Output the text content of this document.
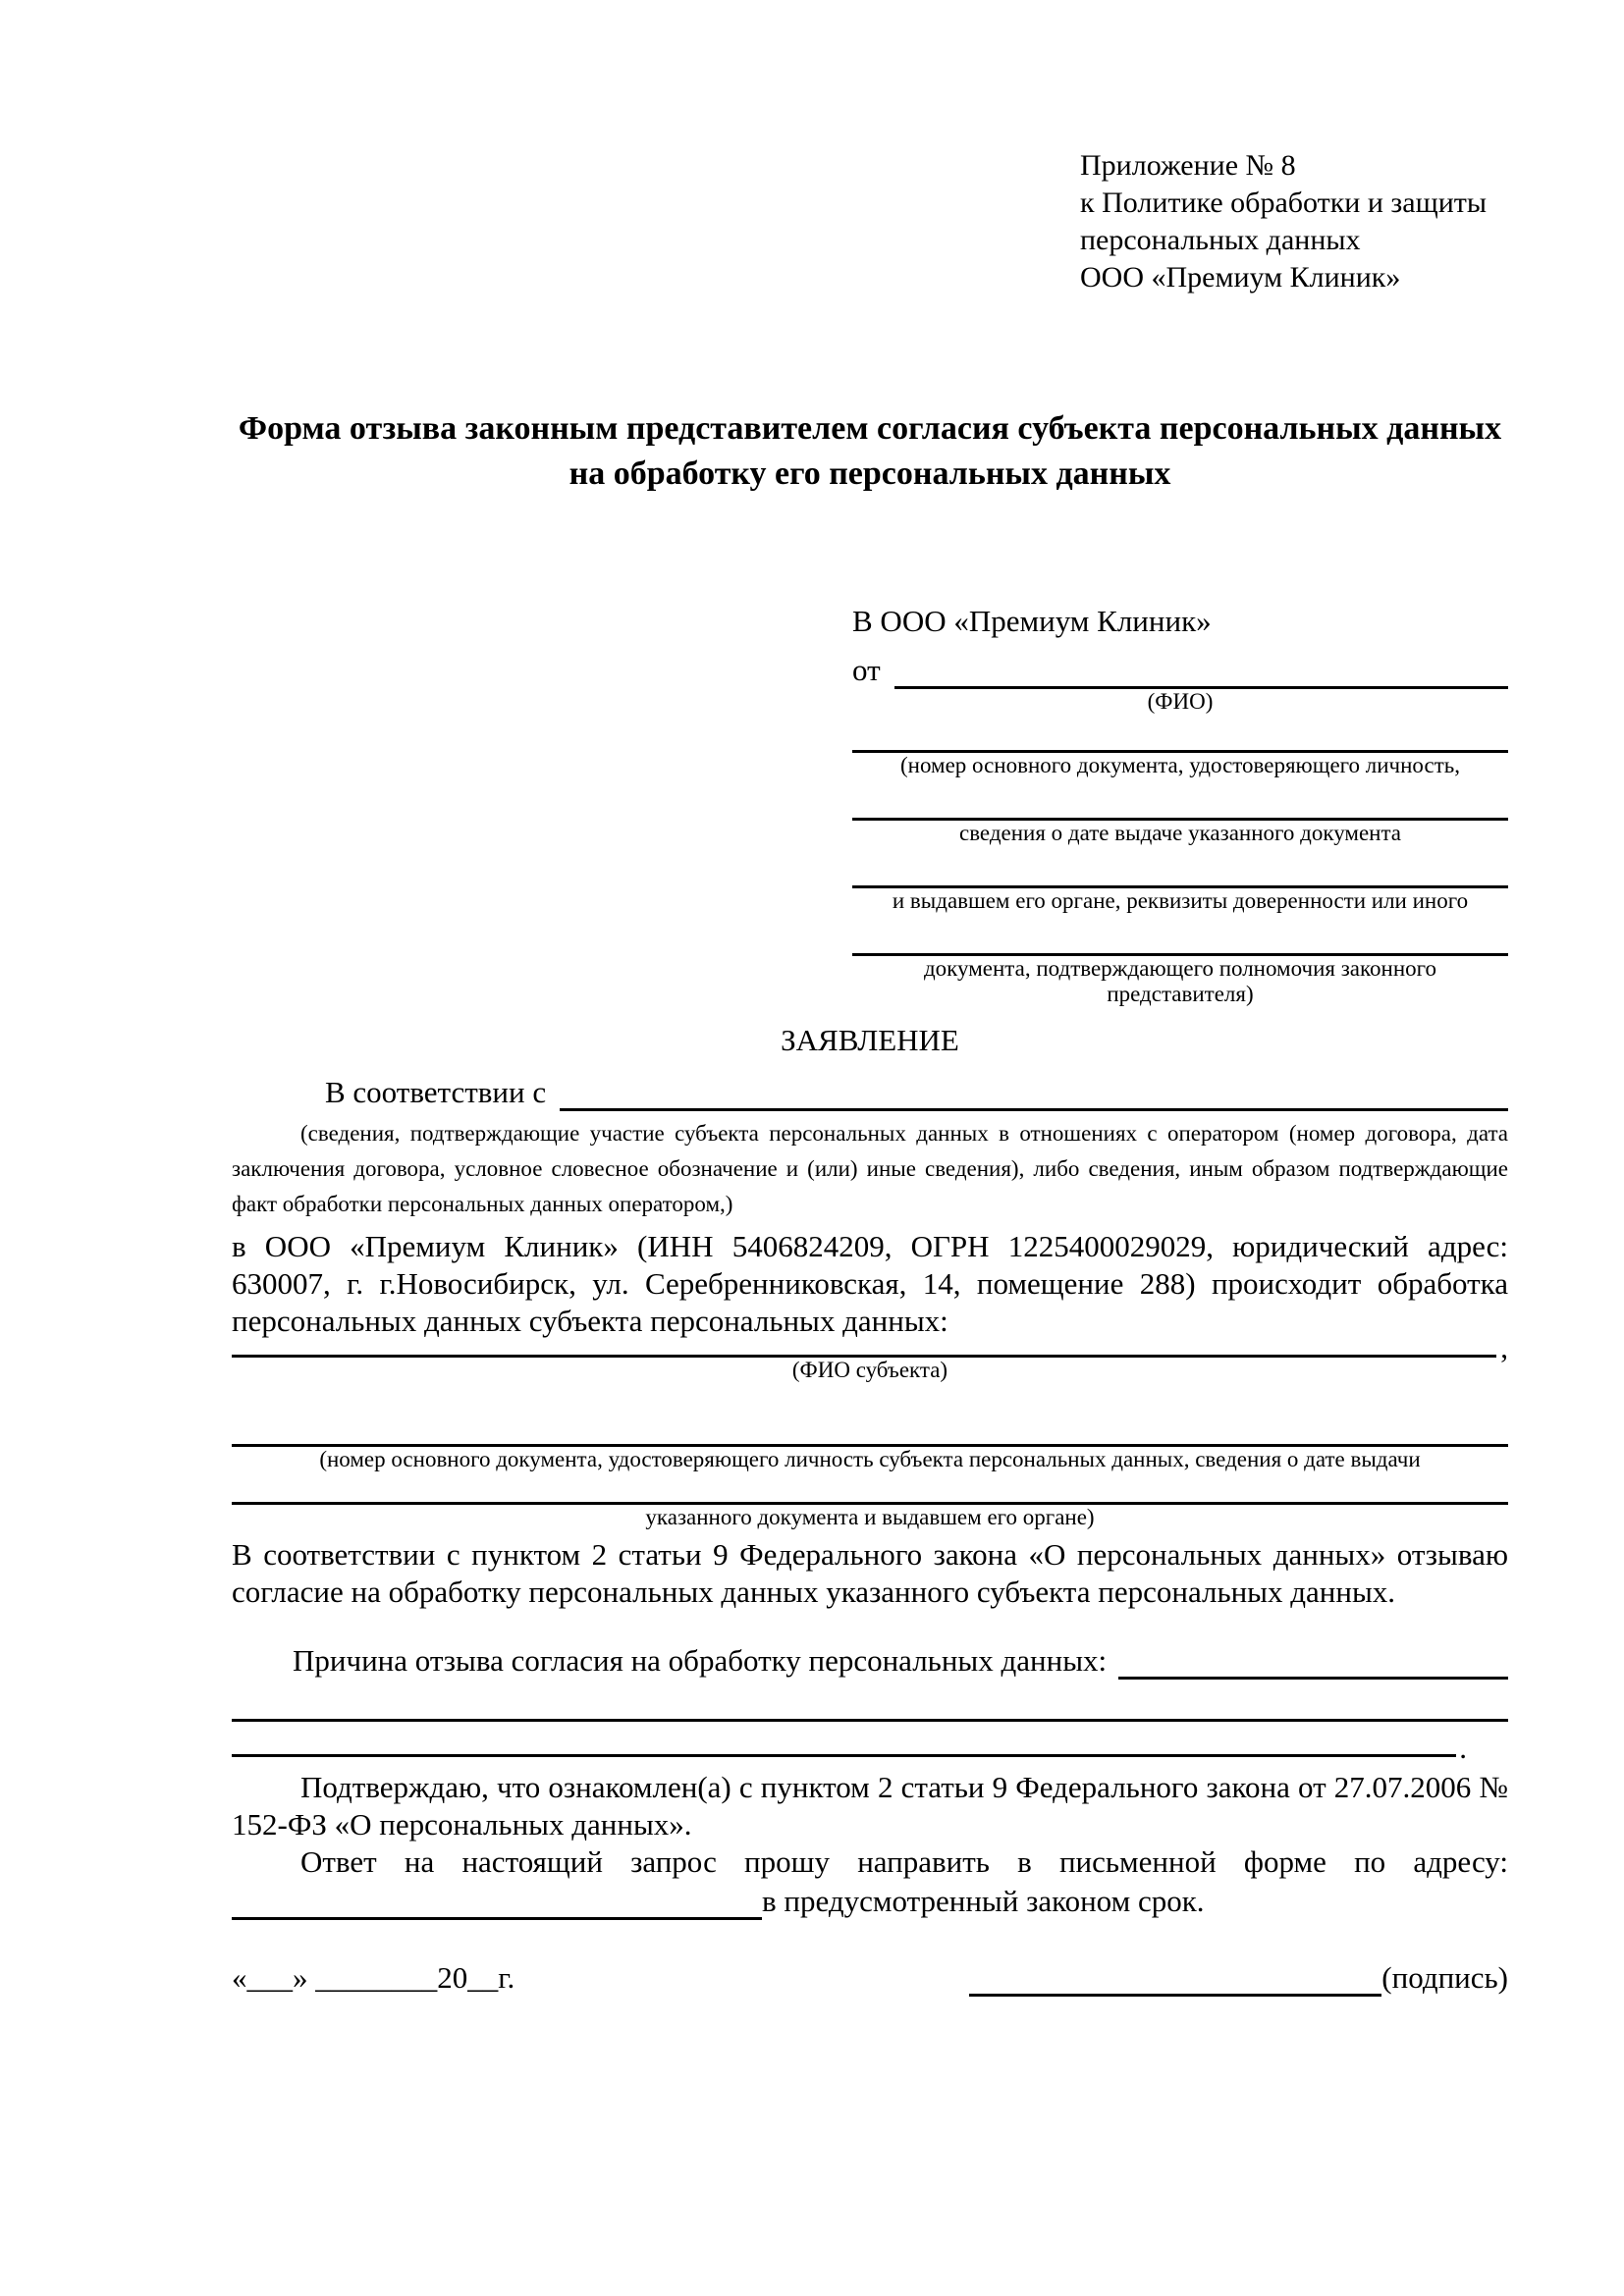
Приложение № 8
к Политике обработки и защиты
персональных данных
ООО «Премиум Клиник»
Форма отзыва законным представителем согласия субъекта персональных данных на обработку его персональных данных
В ООО «Премиум Клиник»
от
(ФИО)
(номер основного документа, удостоверяющего личность,
сведения о дате выдаче указанного документа
и выдавшем его органе, реквизиты доверенности или иного
документа, подтверждающего полномочия законного представителя)
ЗАЯВЛЕНИЕ
В соответствии с
(сведения, подтверждающие участие субъекта персональных данных в отношениях с оператором (номер договора, дата заключения договора, условное словесное обозначение и (или) иные сведения), либо сведения, иным образом подтверждающие факт обработки персональных данных оператором,)

в ООО «Премиум Клиник» (ИНН 5406824209, ОГРН 1225400029029, юридический адрес: 630007, г. г.Новосибирск, ул. Серебренниковская, 14, помещение 288) происходит обработка персональных данных субъекта персональных данных:

,
(ФИО субъекта)
(номер основного документа, удостоверяющего личность субъекта персональных данных, сведения о дате выдачи
указанного документа и выдавшем его органе)

В соответствии с пунктом 2 статьи 9 Федерального закона «О персональных данных» отзываю согласие на обработку персональных данных указанного субъекта персональных данных.

Причина отзыва согласия на обработку персональных данных:
.

Подтверждаю, что ознакомлен(а) с пунктом 2 статьи 9 Федерального закона от 27.07.2006 № 152-ФЗ «О персональных данных».

Ответ на настоящий запрос прошу направить в письменной форме по адресу:

в предусмотренный законом срок.
«___» ________20__г.	(подпись)
